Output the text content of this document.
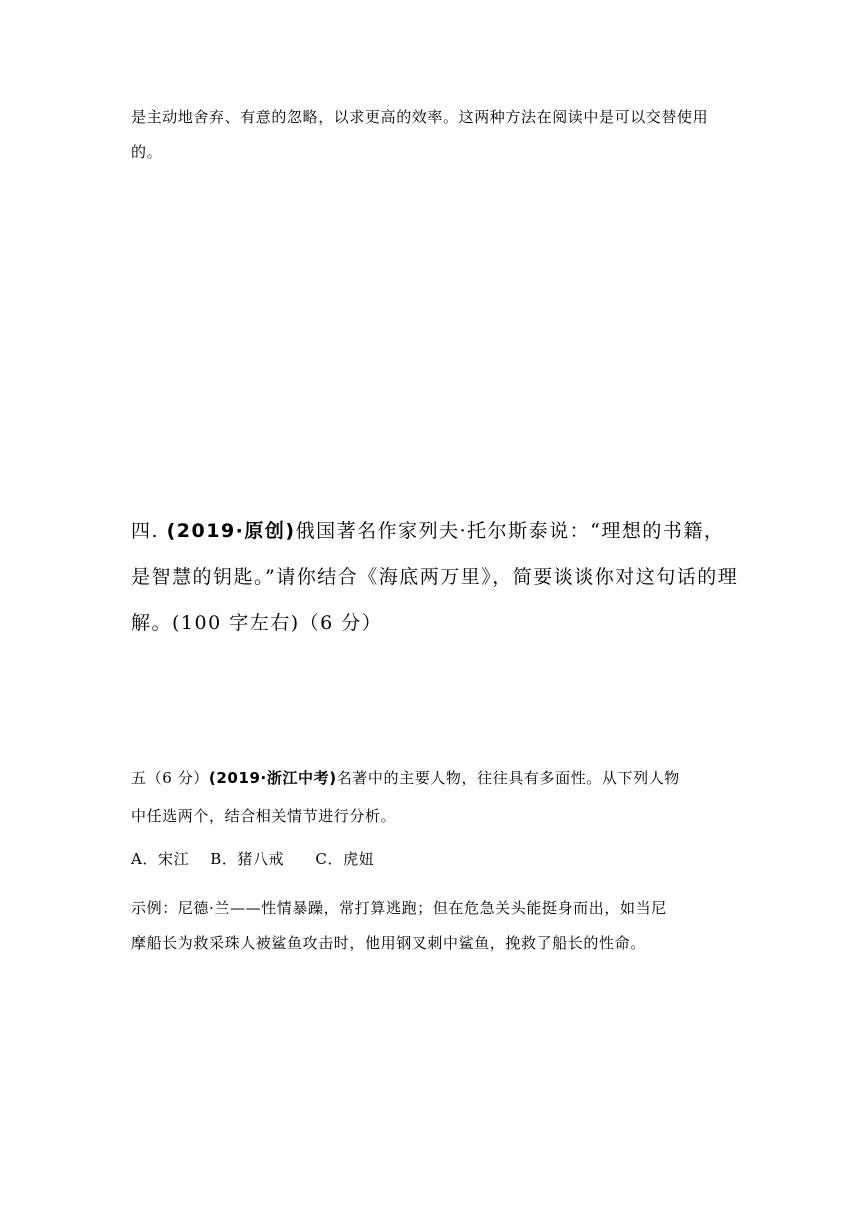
是主动地舍弃、有意的忽略，以求更高的效率。这两种方法在阅读中是可以交替使用

的。

四. (2019·原创)俄国著名作家列夫·托尔斯泰说：“理想的书籍，

是智慧的钥匙。”请你结合《海底两万里》，简要谈谈你对这句话的理

解。(100 字左右)（6 分）

五（6 分）(2019·浙江中考)名著中的主要人物，往往具有多面性。从下列人物

中任选两个，结合相关情节进行分析。

A．宋江　 B．猪八戒　　C．虎妞

示例：尼德·兰——性情暴躁，常打算逃跑；但在危急关头能挺身而出，如当尼

摩船长为救采珠人被鲨鱼攻击时，他用钢叉刺中鲨鱼，挽救了船长的性命。
